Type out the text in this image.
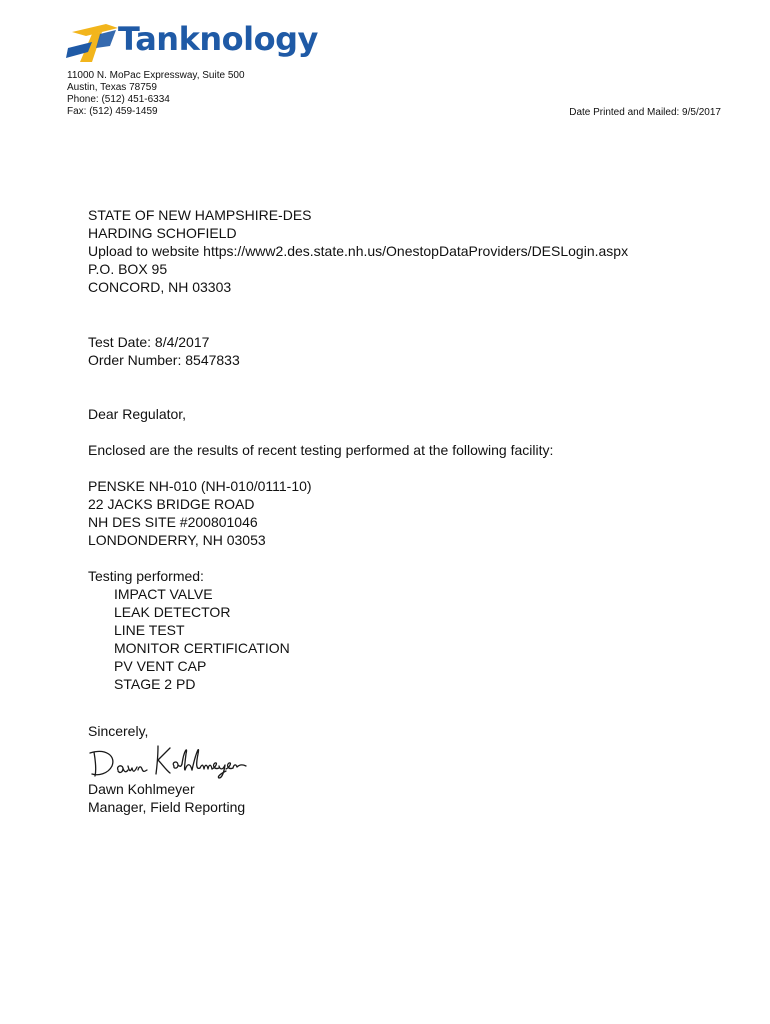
Tanknology
11000 N. MoPac Expressway, Suite 500
Austin, Texas 78759
Phone: (512) 451-6334
Fax: (512) 459-1459	Date Printed and Mailed: 9/5/2017
STATE OF NEW HAMPSHIRE-DES
HARDING SCHOFIELD
Upload to website https://www2.des.state.nh.us/OnestopDataProviders/DESLogin.aspx
P.O. BOX 95
CONCORD, NH 03303
Test Date: 8/4/2017
Order Number: 8547833
Dear Regulator,
Enclosed are the results of recent testing performed at the following facility:
PENSKE NH-010 (NH-010/0111-10)
22 JACKS BRIDGE ROAD
NH DES SITE #200801046
LONDONDERRY, NH 03053
Testing performed:
IMPACT VALVE
LEAK DETECTOR
LINE TEST
MONITOR CERTIFICATION
PV VENT CAP
STAGE 2 PD
Sincerely,
Dawn Kohlmeyer
Manager, Field Reporting
